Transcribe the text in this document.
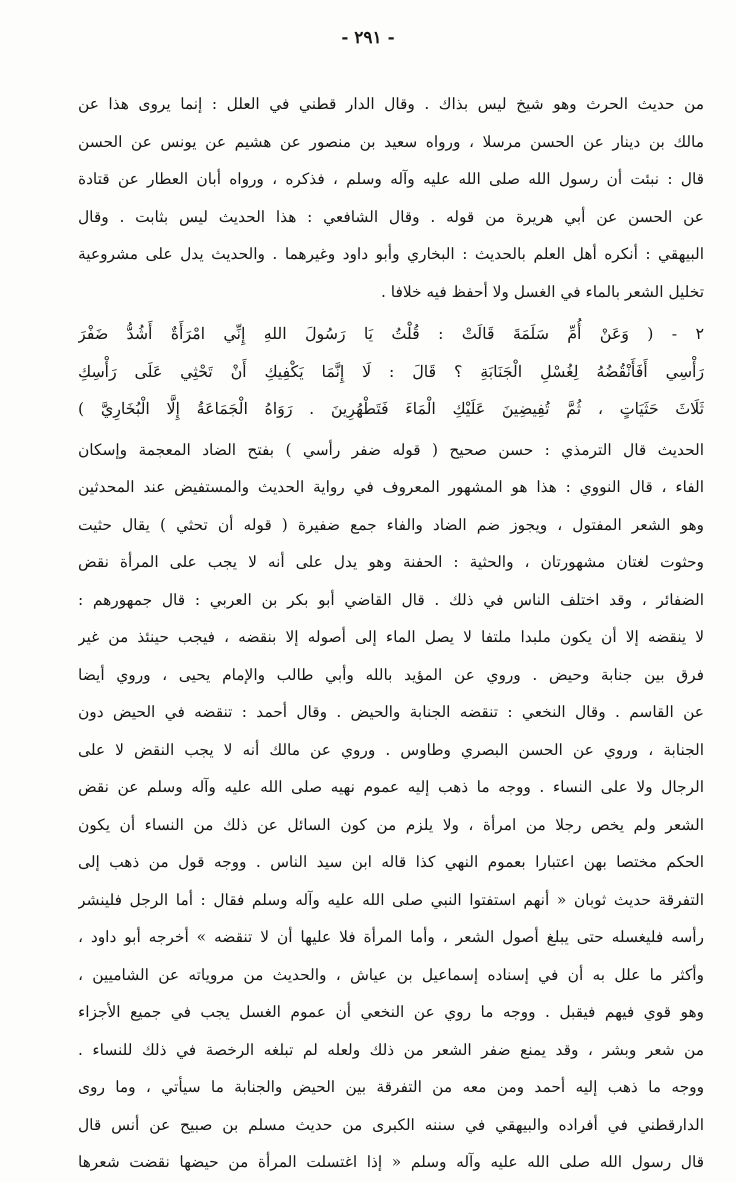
- ٢٩١ -
من حديث الحرث وهو شيخ ليس بذاك . وقال الدار قطني في العلل : إنما يروى هذا عن
مالك بن دينار عن الحسن مرسلا ، ورواه سعيد بن منصور عن هشيم عن يونس عن الحسن
قال : نبئت أن رسول الله صلى الله عليه وآله وسلم ، فذكره ، ورواه أبان العطار عن قتادة
عن الحسن عن أبي هريرة من قوله . وقال الشافعي : هذا الحديث ليس بثابت . وقال
البيهقي : أنكره أهل العلم بالحديث : البخاري وأبو داود وغيرهما . والحديث يدل على مشروعية
تخليل الشعر بالماء في الغسل ولا أحفظ فيه خلافا .
٢ - ( وَعَنْ أُمِّ سَلَمَةَ قَالَتْ : قُلْتُ يَا رَسُولَ اللهِ إِنِّي امْرَأَةٌ أَشُدُّ ضَفْرَ
رَأْسِي أَفَأَنْقُضُهُ لِغُسْلِ الْجَنَابَةِ ؟ قَالَ : لَا إِنَّمَا يَكْفِيكِ أَنْ تَحْثِي عَلَى رَأْسِكِ
ثَلَاثَ حَثَيَاتٍ ، ثُمَّ تُفِيضِينَ عَلَيْكِ الْمَاءَ فَتَطْهُرِينَ . رَوَاهُ الْجَمَاعَةُ إِلَّا الْبُخَارِيَّ )
الحديث قال الترمذي : حسن صحيح ( قوله ضفر رأسي ) بفتح الضاد المعجمة وإسكان
الفاء ، قال النووي : هذا هو المشهور المعروف في رواية الحديث والمستفيض عند المحدثين
وهو الشعر المفتول ، ويجوز ضم الضاد والفاء جمع ضفيرة ( قوله أن تحثي ) يقال حثيت
وحثوت لغتان مشهورتان ، والحثية : الحفنة وهو يدل على أنه لا يجب على المرأة نقض
الضفائر ، وقد اختلف الناس في ذلك . قال القاضي أبو بكر بن العربي : قال جمهورهم :
لا ينقضه إلا أن يكون ملبدا ملتفا لا يصل الماء إلى أصوله إلا بنقضه ، فيجب حينئذ من غير
فرق بين جنابة وحيض . وروي عن المؤيد بالله وأبي طالب والإمام يحيى ، وروي أيضا
عن القاسم . وقال النخعي : تنقضه الجنابة والحيض . وقال أحمد : تنقضه في الحيض دون
الجنابة ، وروي عن الحسن البصري وطاوس . وروي عن مالك أنه لا يجب النقض لا على
الرجال ولا على النساء . ووجه ما ذهب إليه عموم نهيه صلى الله عليه وآله وسلم عن نقض
الشعر ولم يخص رجلا من امرأة ، ولا يلزم من كون السائل عن ذلك من النساء أن يكون
الحكم مختصا بهن اعتبارا بعموم النهي كذا قاله ابن سيد الناس . ووجه قول من ذهب إلى
التفرقة حديث ثوبان « أنهم استفتوا النبي صلى الله عليه وآله وسلم فقال : أما الرجل فلينشر
رأسه فليغسله حتى يبلغ أصول الشعر ، وأما المرأة فلا عليها أن لا تنقضه » أخرجه أبو داود ،
وأكثر ما علل به أن في إسناده إسماعيل بن عياش ، والحديث من مروياته عن الشاميين ،
وهو قوي فيهم فيقبل . ووجه ما روي عن النخعي أن عموم الغسل يجب في جميع الأجزاء
من شعر وبشر ، وقد يمنع ضفر الشعر من ذلك ولعله لم تبلغه الرخصة في ذلك للنساء .
ووجه ما ذهب إليه أحمد ومن معه من التفرقة بين الحيض والجنابة ما سيأتي ، وما روى
الدارقطني في أفراده والبيهقي في سننه الكبرى من حديث مسلم بن صبيح عن أنس قال
قال رسول الله صلى الله عليه وآله وسلم « إذا اغتسلت المرأة من حيضها نقضت شعرها
